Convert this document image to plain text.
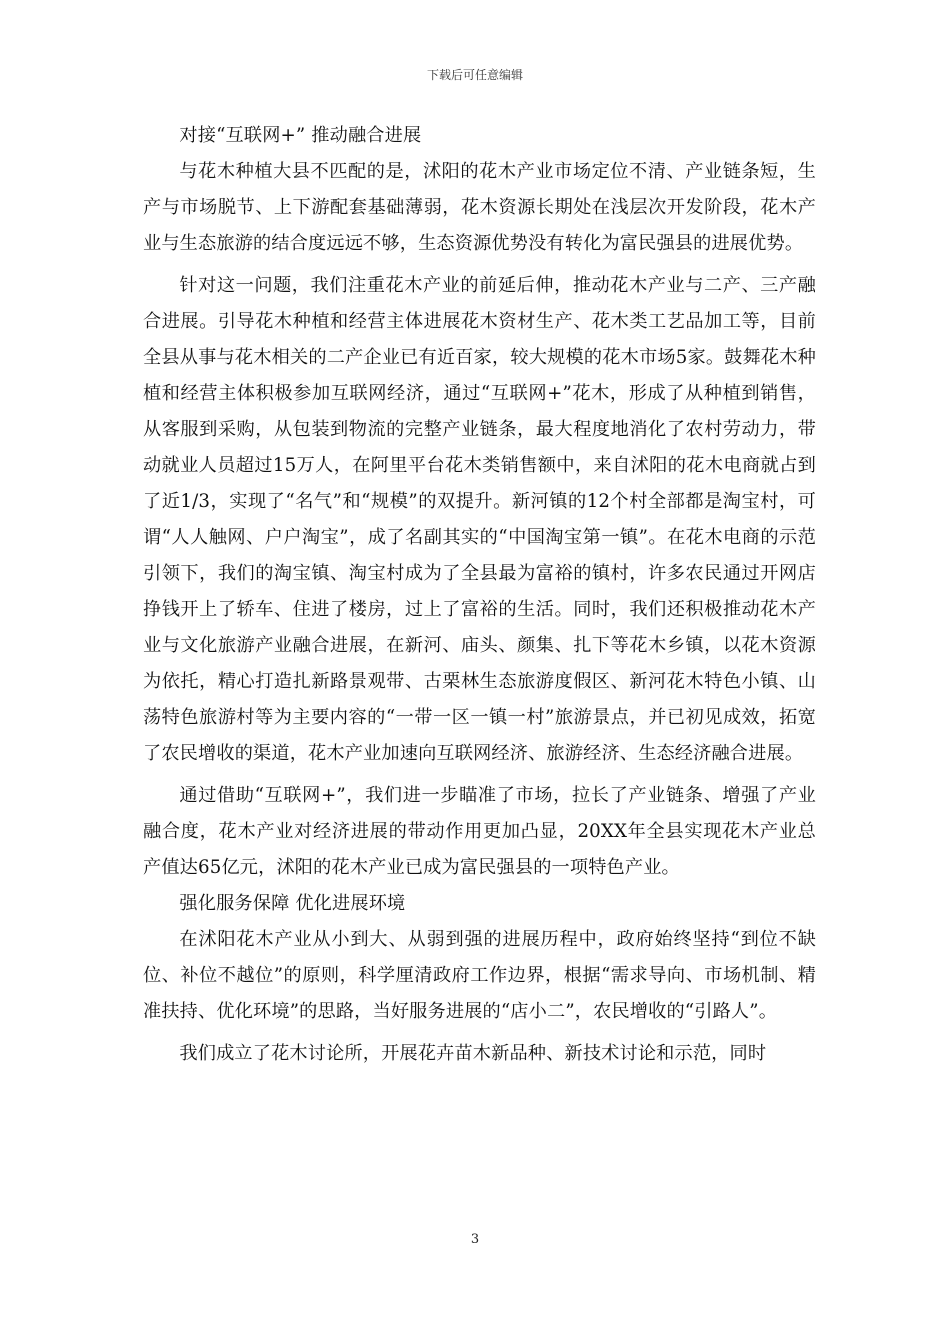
下载后可任意编辑

对接“互联网+” 推动融合进展

与花木种植大县不匹配的是，沭阳的花木产业市场定位不清、产业链条短，生产与市场脱节、上下游配套基础薄弱，花木资源长期处在浅层次开发阶段，花木产业与生态旅游的结合度远远不够，生态资源优势没有转化为富民强县的进展优势。

针对这一问题，我们注重花木产业的前延后伸，推动花木产业与二产、三产融合进展。引导花木种植和经营主体进展花木资材生产、花木类工艺品加工等，目前全县从事与花木相关的二产企业已有近百家，较大规模的花木市场5家。鼓舞花木种植和经营主体积极参加互联网经济，通过“互联网+”花木，形成了从种植到销售，从客服到采购，从包装到物流的完整产业链条，最大程度地消化了农村劳动力，带动就业人员超过15万人，在阿里平台花木类销售额中，来自沭阳的花木电商就占到了近1/3，实现了“名气”和“规模”的双提升。新河镇的12个村全部都是淘宝村，可谓“人人触网、户户淘宝”，成了名副其实的“中国淘宝第一镇”。在花木电商的示范引领下，我们的淘宝镇、淘宝村成为了全县最为富裕的镇村，许多农民通过开网店挣钱开上了轿车、住进了楼房，过上了富裕的生活。同时，我们还积极推动花木产业与文化旅游产业融合进展，在新河、庙头、颜集、扎下等花木乡镇，以花木资源为依托，精心打造扎新路景观带、古栗林生态旅游度假区、新河花木特色小镇、山荡特色旅游村等为主要内容的“一带一区一镇一村”旅游景点，并已初见成效，拓宽了农民增收的渠道，花木产业加速向互联网经济、旅游经济、生态经济融合进展。

通过借助“互联网+”，我们进一步瞄准了市场，拉长了产业链条、增强了产业融合度，花木产业对经济进展的带动作用更加凸显，20XX年全县实现花木产业总产值达65亿元，沭阳的花木产业已成为富民强县的一项特色产业。

强化服务保障 优化进展环境

在沭阳花木产业从小到大、从弱到强的进展历程中，政府始终坚持“到位不缺位、补位不越位”的原则，科学厘清政府工作边界，根据“需求导向、市场机制、精准扶持、优化环境”的思路，当好服务进展的“店小二”，农民增收的“引路人”。

我们成立了花木讨论所，开展花卉苗木新品种、新技术讨论和示范，同时

3
